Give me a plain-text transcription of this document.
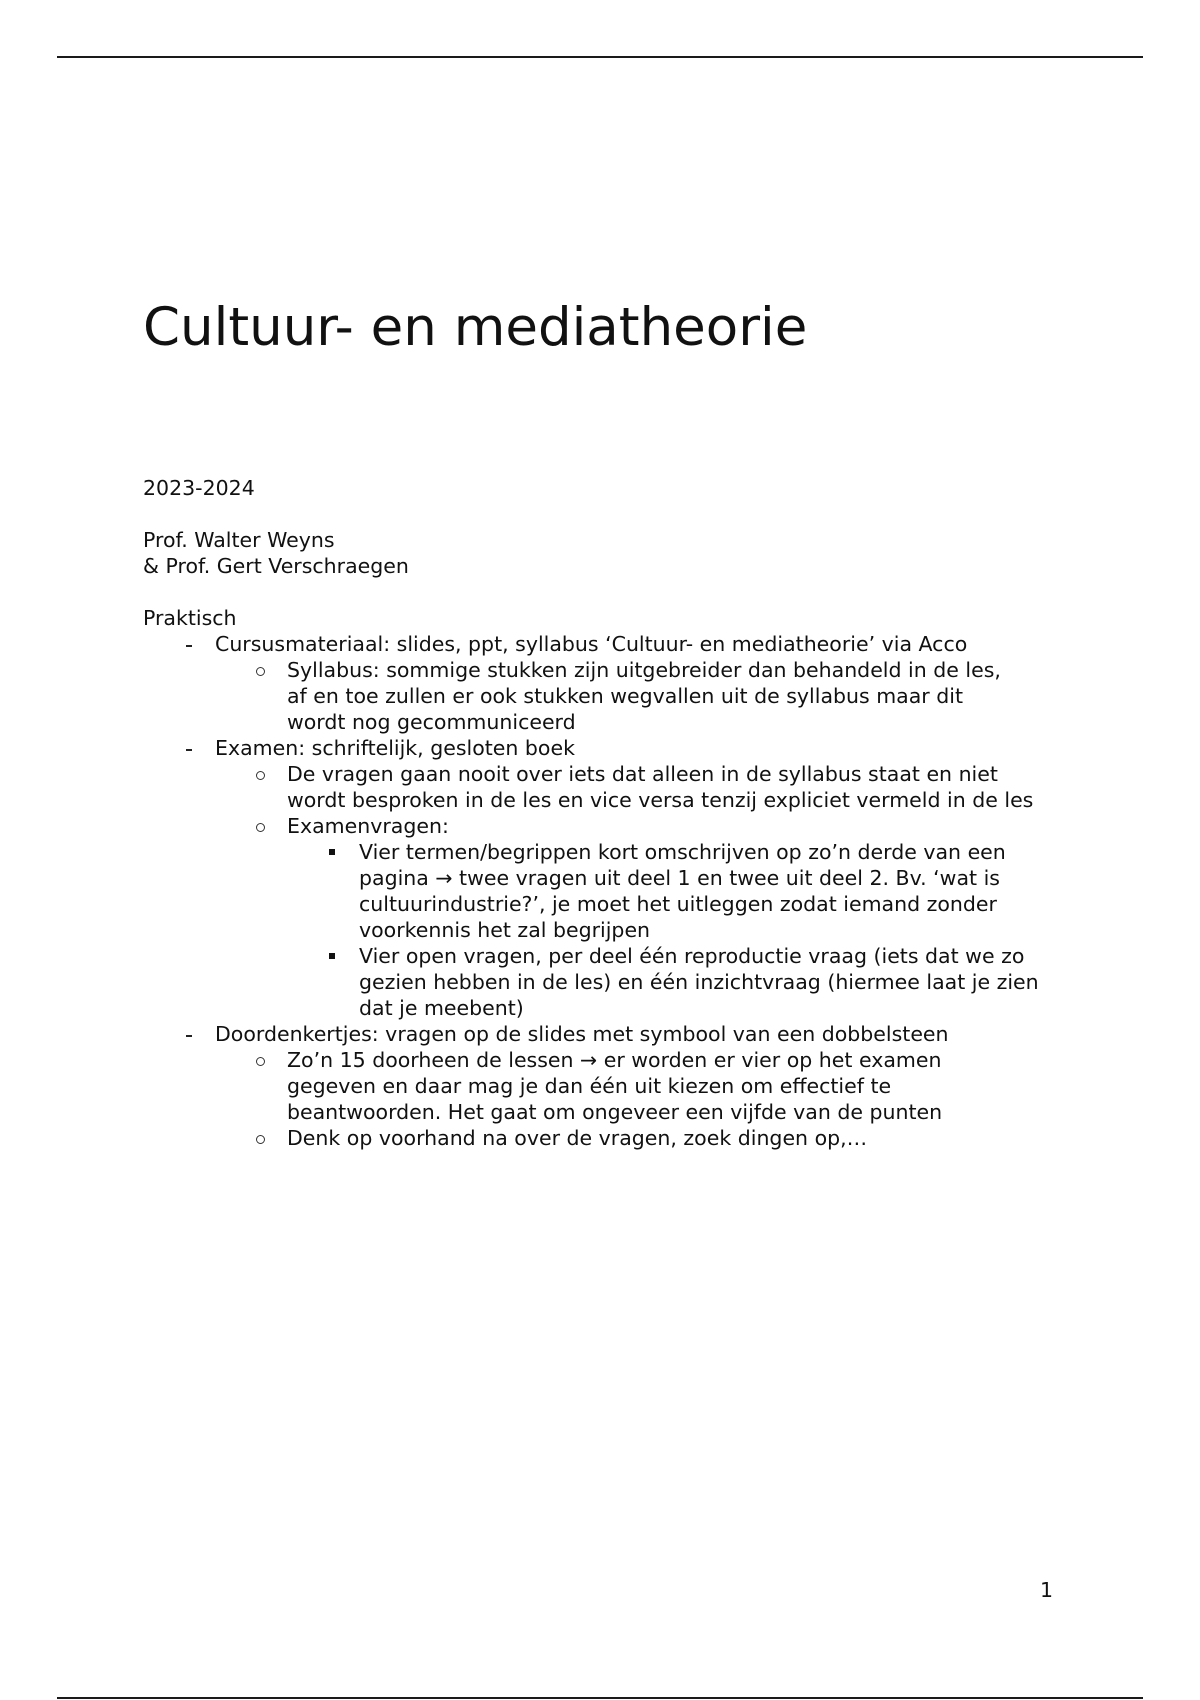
Cultuur- en mediatheorie
2023-2024
Prof. Walter Weyns
& Prof. Gert Verschraegen
Praktisch
Cursusmateriaal: slides, ppt, syllabus ‘Cultuur- en mediatheorie’ via Acco
Syllabus: sommige stukken zijn uitgebreider dan behandeld in de les, af en toe zullen er ook stukken wegvallen uit de syllabus maar dit wordt nog gecommuniceerd
Examen: schriftelijk, gesloten boek
De vragen gaan nooit over iets dat alleen in de syllabus staat en niet wordt besproken in de les en vice versa tenzij expliciet vermeld in de les
Examenvragen:
Vier termen/begrippen kort omschrijven op zo’n derde van een pagina → twee vragen uit deel 1 en twee uit deel 2. Bv. ‘wat is cultuurindustrie?’, je moet het uitleggen zodat iemand zonder voorkennis het zal begrijpen
Vier open vragen, per deel één reproductie vraag (iets dat we zo gezien hebben in de les) en één inzichtvraag (hiermee laat je zien dat je meebent)
Doordenkertjes: vragen op de slides met symbool van een dobbelsteen
Zo’n 15 doorheen de lessen → er worden er vier op het examen gegeven en daar mag je dan één uit kiezen om effectief te beantwoorden. Het gaat om ongeveer een vijfde van de punten
Denk op voorhand na over de vragen, zoek dingen op,…
1
